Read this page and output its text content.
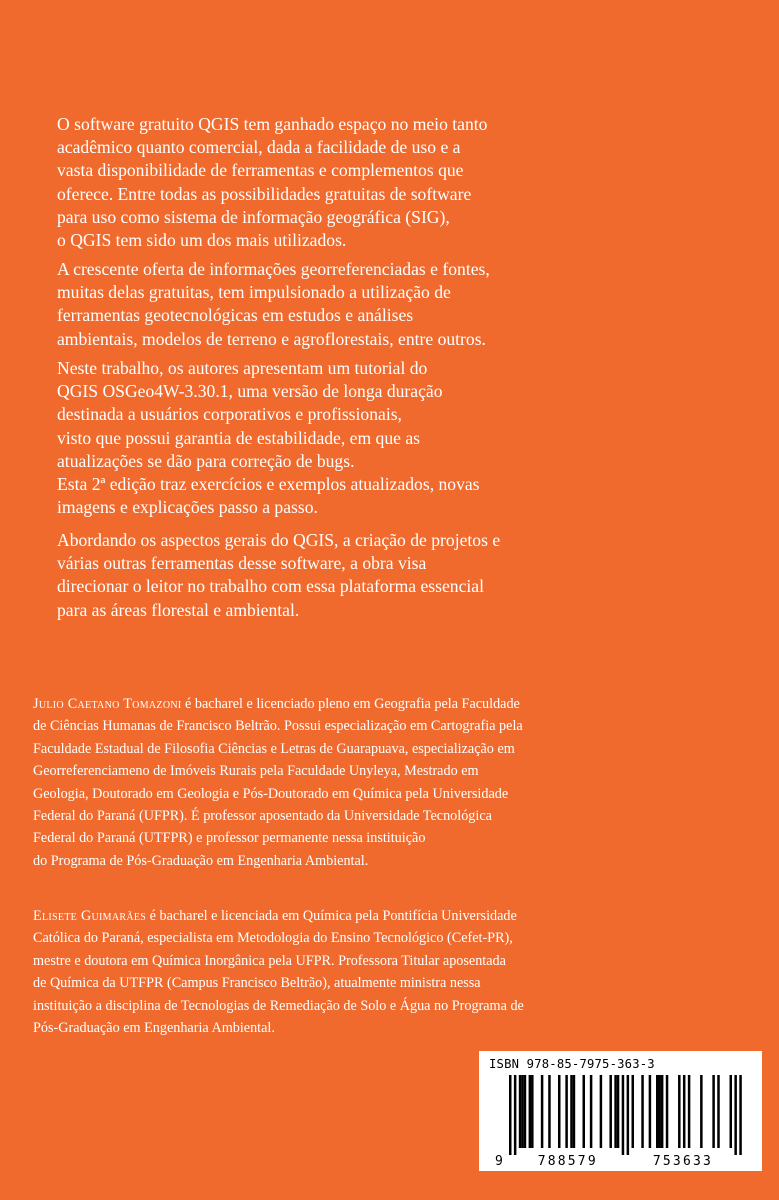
O software gratuito QGIS tem ganhado espaço no meio tanto
acadêmico quanto comercial, dada a facilidade de uso e a
vasta disponibilidade de ferramentas e complementos que
oferece. Entre todas as possibilidades gratuitas de software
para uso como sistema de informação geográfica (SIG),
o QGIS tem sido um dos mais utilizados.

A crescente oferta de informações georreferenciadas e fontes,
muitas delas gratuitas, tem impulsionado a utilização de
ferramentas geotecnológicas em estudos e análises
ambientais, modelos de terreno e agroflorestais, entre outros.

Neste trabalho, os autores apresentam um tutorial do
QGIS OSGeo4W-3.30.1, uma versão de longa duração
destinada a usuários corporativos e profissionais,
visto que possui garantia de estabilidade, em que as
atualizações se dão para correção de bugs.
Esta 2ª edição traz exercícios e exemplos atualizados, novas
imagens e explicações passo a passo.

Abordando os aspectos gerais do QGIS, a criação de projetos e
várias outras ferramentas desse software, a obra visa
direcionar o leitor no trabalho com essa plataforma essencial
para as áreas florestal e ambiental.

Julio Caetano Tomazoni é bacharel e licenciado pleno em Geografia pela Faculdade
de Ciências Humanas de Francisco Beltrão. Possui especialização em Cartografia pela
Faculdade Estadual de Filosofia Ciências e Letras de Guarapuava, especialização em
Georreferenciameno de Imóveis Rurais pela Faculdade Unyleya, Mestrado em
Geologia, Doutorado em Geologia e Pós-Doutorado em Química pela Universidade
Federal do Paraná (UFPR). É professor aposentado da Universidade Tecnológica
Federal do Paraná (UTFPR) e professor permanente nessa instituição
do Programa de Pós-Graduação em Engenharia Ambiental.

Elisete Guimarães é bacharel e licenciada em Química pela Pontifícia Universidade
Católica do Paraná, especialista em Metodologia do Ensino Tecnológico (Cefet-PR),
mestre e doutora em Química Inorgânica pela UFPR. Professora Titular aposentada
de Química da UTFPR (Campus Francisco Beltrão), atualmente ministra nessa
instituição a disciplina de Tecnologias de Remediação de Solo e Água no Programa de
Pós-Graduação em Engenharia Ambiental.

ISBN 978-85-7975-363-3
9	788579	753633
